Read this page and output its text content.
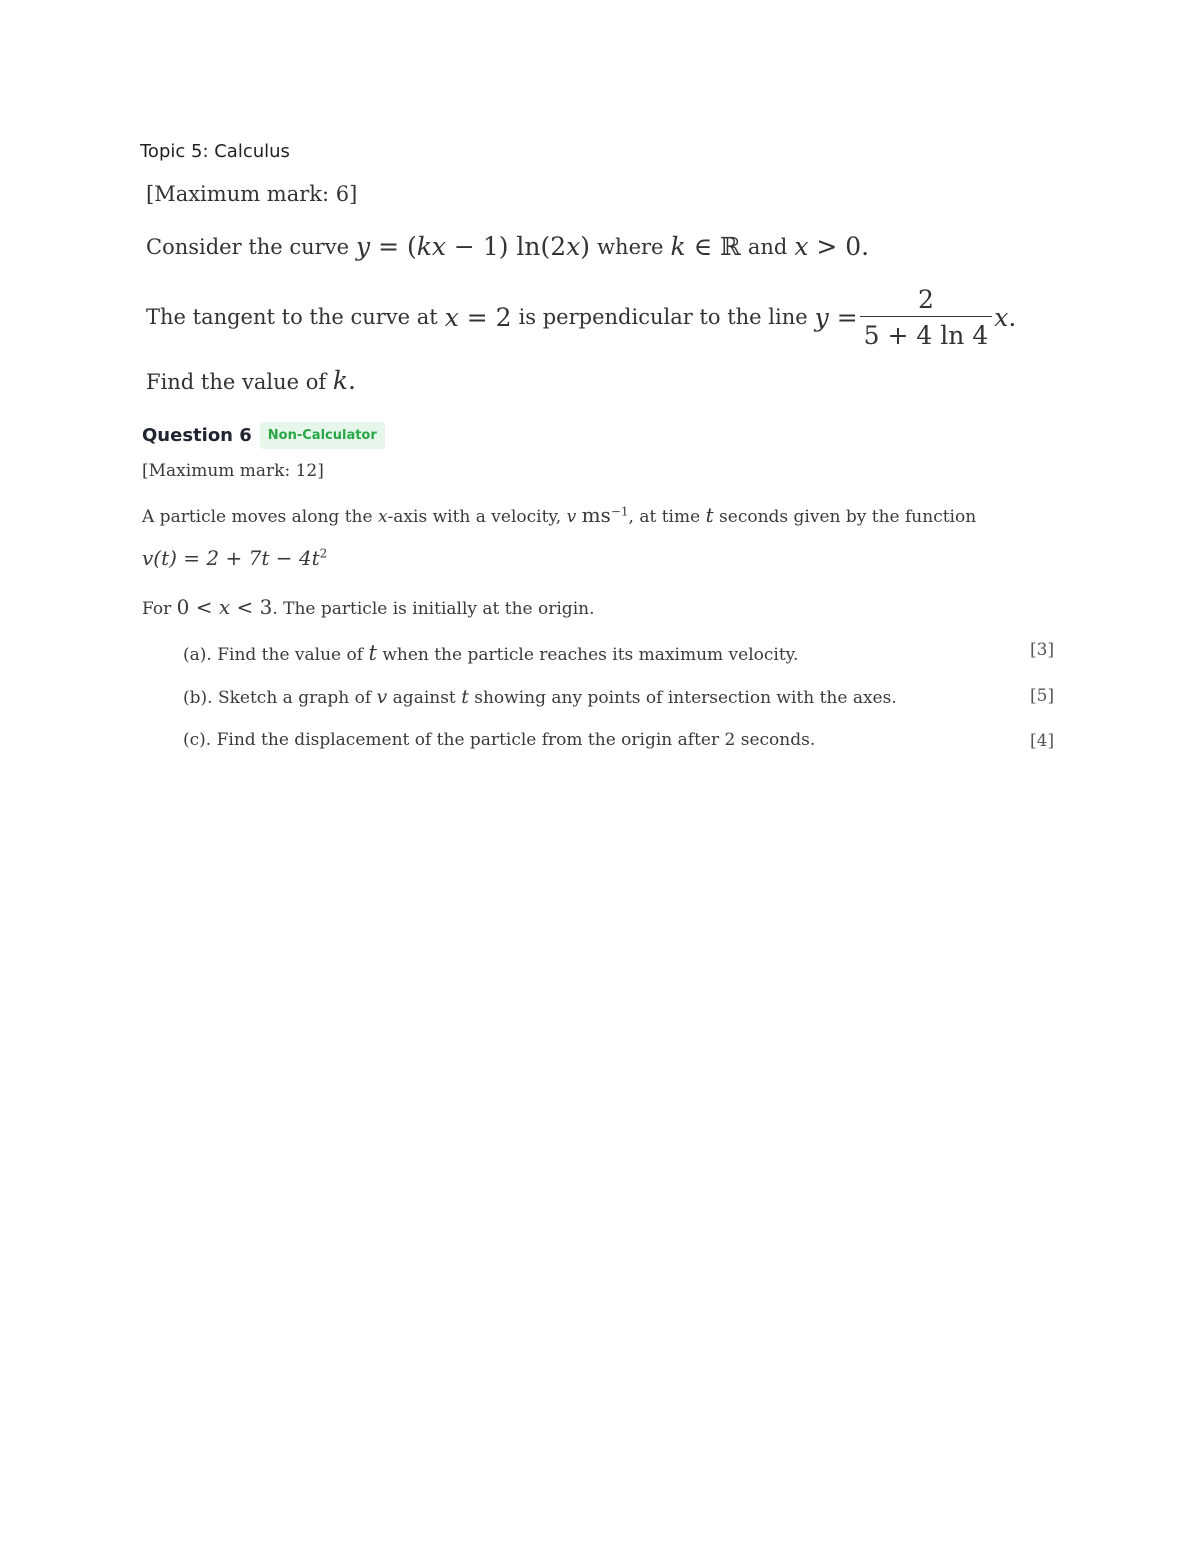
Topic 5: Calculus
[Maximum mark: 6]
Consider the curve y = ( kx − 1) ln(2 x ) where k ∈ ℝ and x > 0.
The tangent to the curve at x = 2 is perpendicular to the line $y = \frac{2}{5 + 4 \ln 4}$ x .
Find the value of k.
Question 6	Non-Calculator
[Maximum mark: 12]
A particle moves along the x-axis with a velocity, v $ms^{-1}$, at time t seconds given by the function
$v(t) = 2 + 7t - 4t^2$
For 0 < x < 3. The particle is initially at the origin.
(a). Find the value of t when the particle reaches its maximum velocity.	[3]
(b). Sketch a graph of v against t showing any points of intersection with the axes.	[5]
(c). Find the displacement of the particle from the origin after 2 seconds.	[4]
